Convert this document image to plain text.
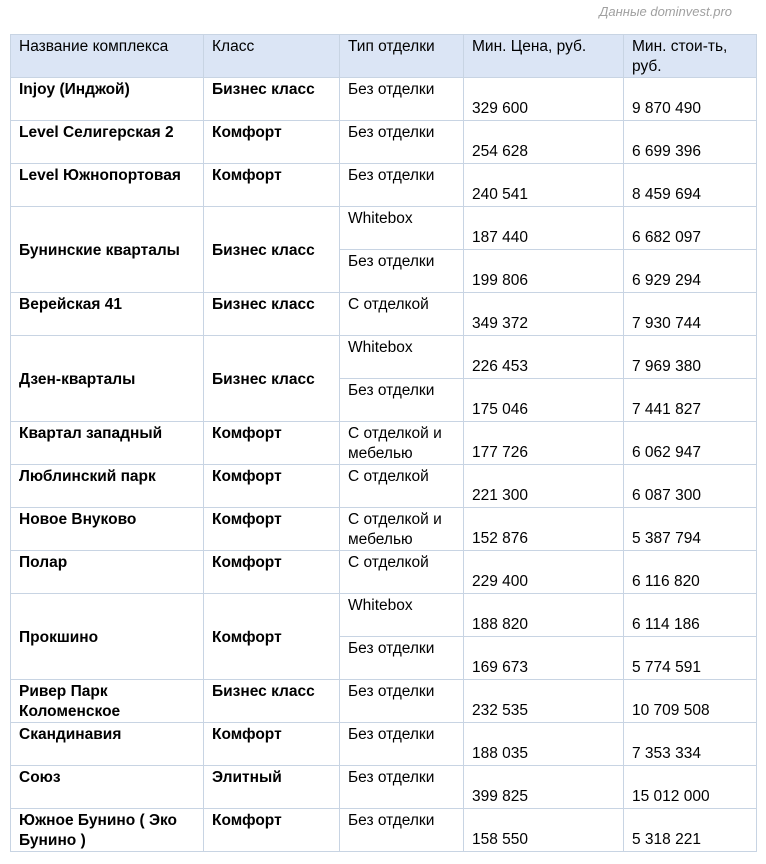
Данные dominvest.pro
Название комплекса	Класс	Тип отделки	Мин. Цена, руб.	Мин. стои-ть, руб.
Injoy (Инджой)	Бизнес класс	Без отделки	329 600	9 870 490
Level Селигерская 2	Комфорт	Без отделки	254 628	6 699 396
Level Южнопортовая	Комфорт	Без отделки	240 541	8 459 694
Бунинские кварталы	Бизнес класс	Whitebox	187 440	6 682 097
		Без отделки	199 806	6 929 294
Верейская 41	Бизнес класс	С отделкой	349 372	7 930 744
Дзен-кварталы	Бизнес класс	Whitebox	226 453	7 969 380
		Без отделки	175 046	7 441 827
Квартал западный	Комфорт	С отделкой и мебелью	177 726	6 062 947
Люблинский парк	Комфорт	С отделкой	221 300	6 087 300
Новое Внуково	Комфорт	С отделкой и мебелью	152 876	5 387 794
Полар	Комфорт	С отделкой	229 400	6 116 820
Прокшино	Комфорт	Whitebox	188 820	6 114 186
		Без отделки	169 673	5 774 591
Ривер Парк Коломенское	Бизнес класс	Без отделки	232 535	10 709 508
Скандинавия	Комфорт	Без отделки	188 035	7 353 334
Союз	Элитный	Без отделки	399 825	15 012 000
Южное Бунино ( Эко Бунино )	Комфорт	Без отделки	158 550	5 318 221
